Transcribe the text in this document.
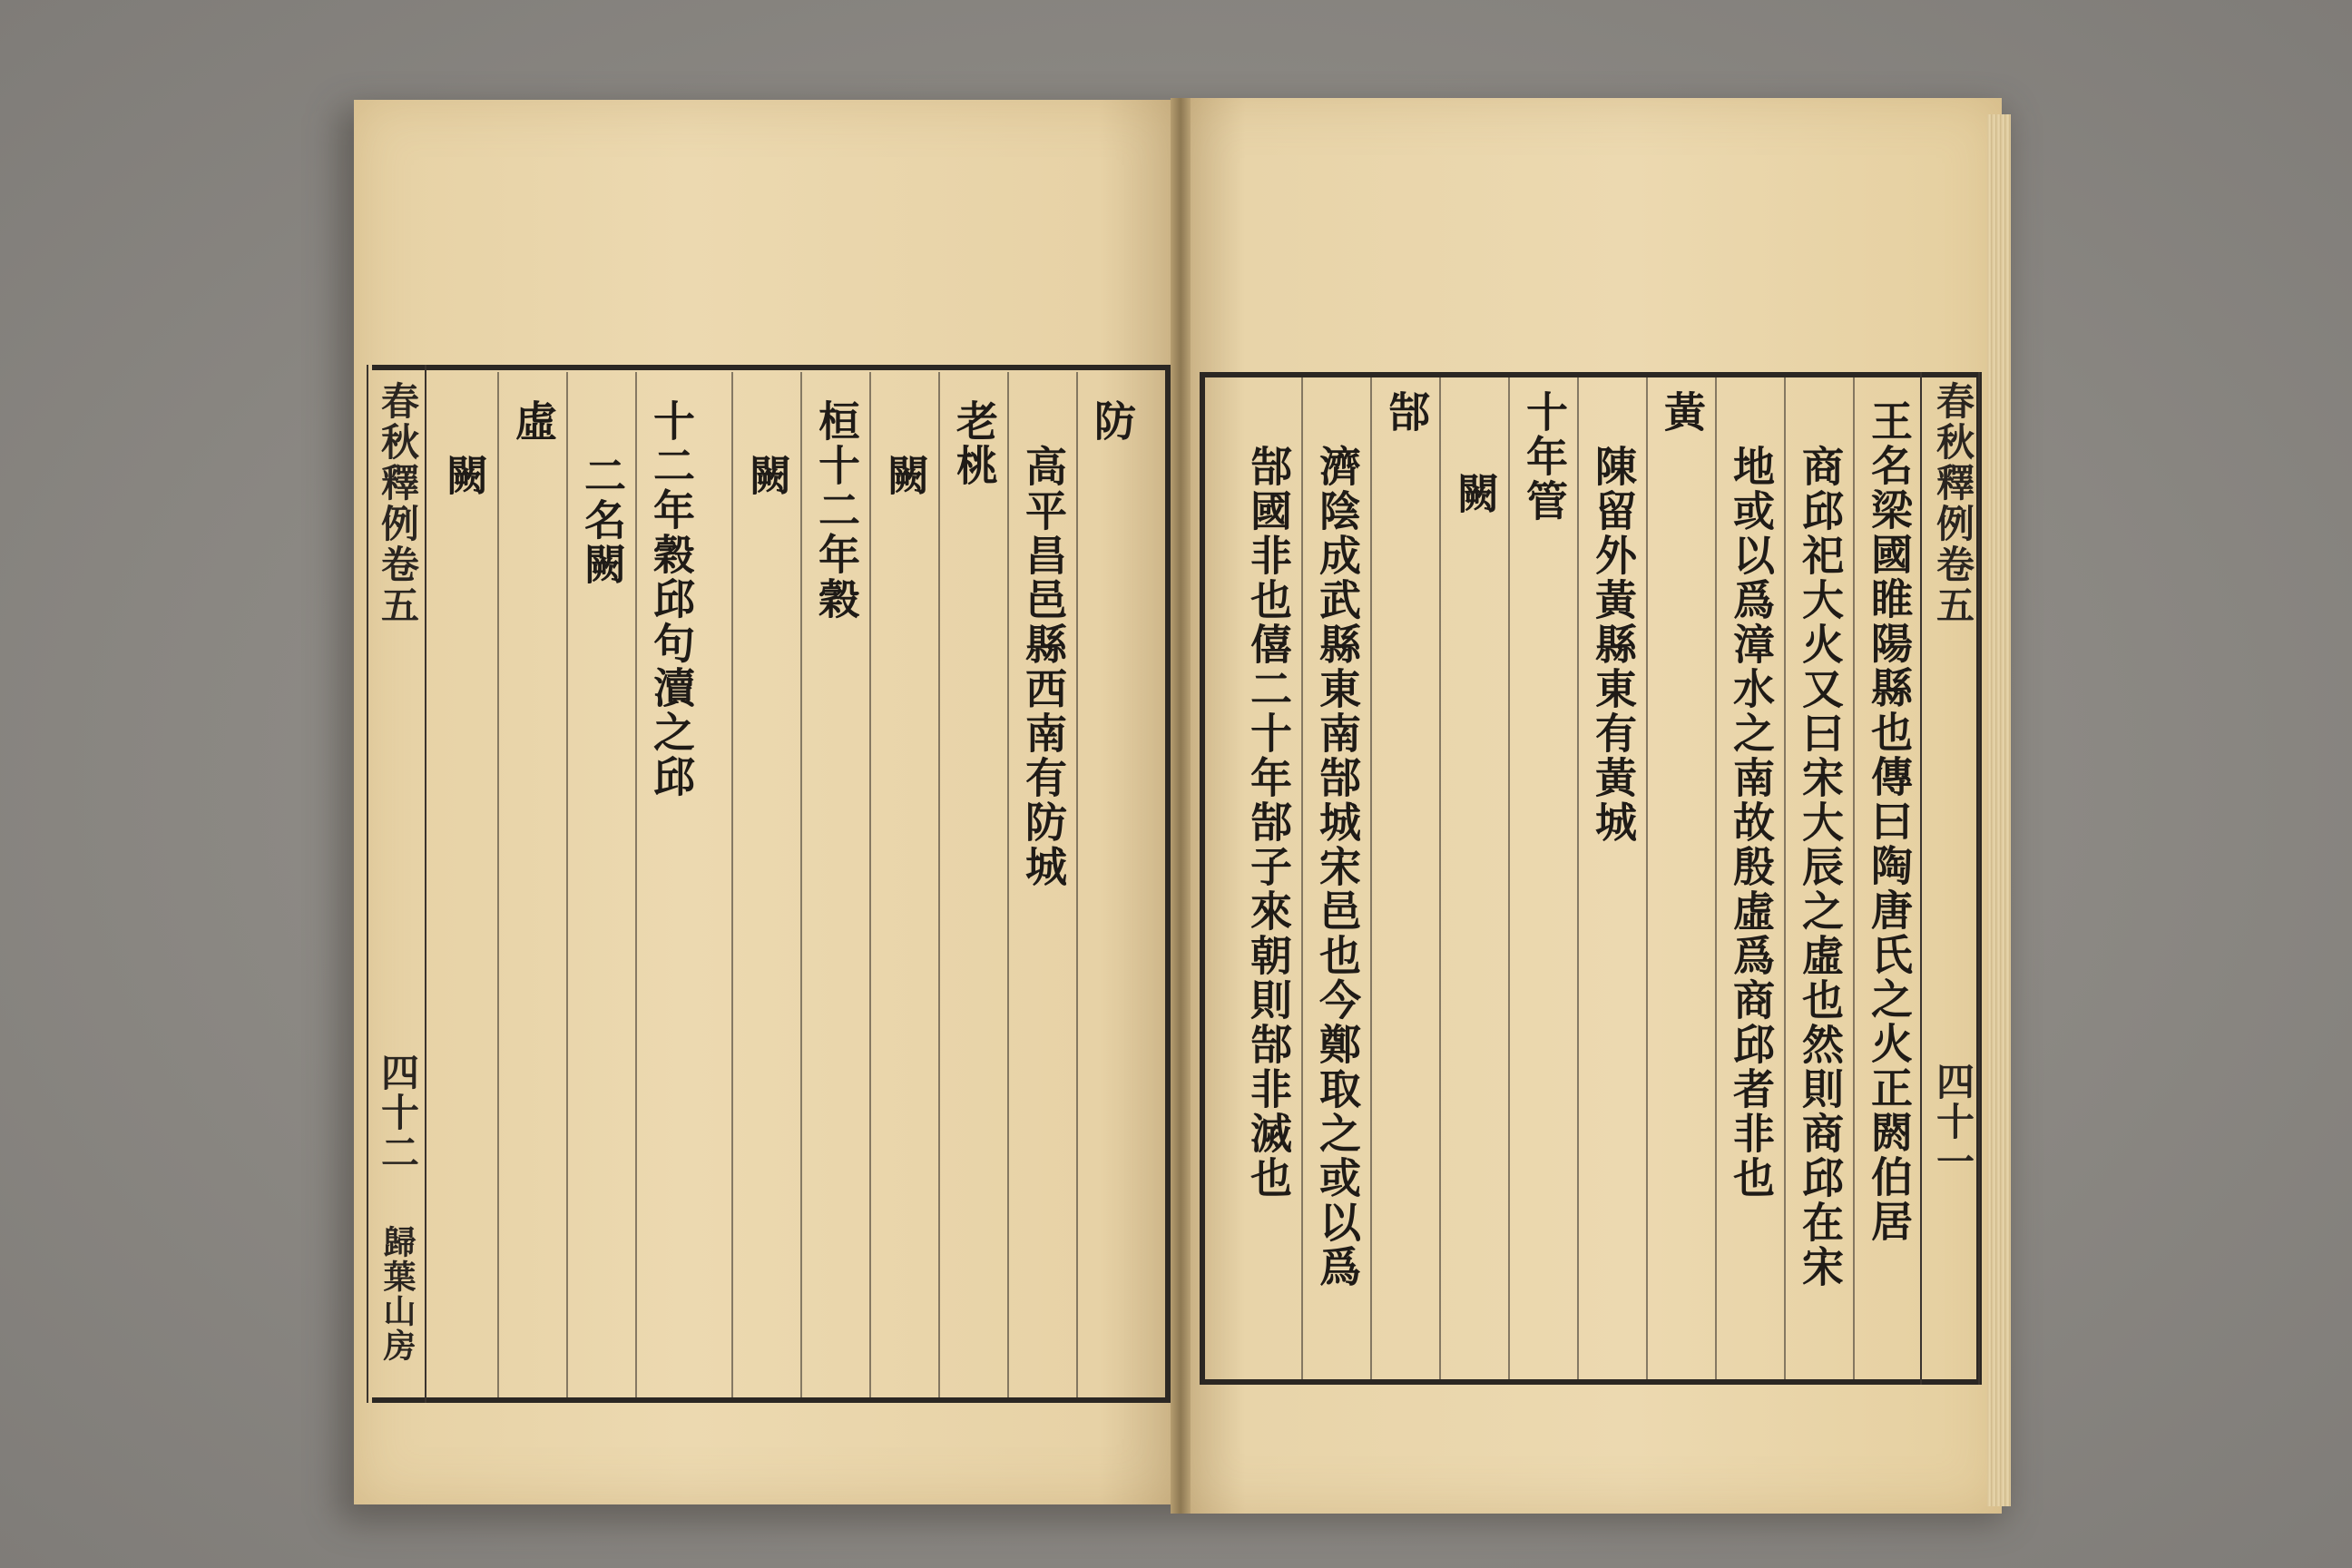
春秋釋例卷五
四十一
王名梁國睢陽縣也傳曰陶唐氏之火正閼伯居
商邱祀大火又曰宋大辰之虛也然則商邱在宋
地或以爲漳水之南故殷虛爲商邱者非也
黃
陳留外黃縣東有黃城
十年管
闕
郜
濟陰成武縣東南郜城宋邑也今鄭取之或以爲
郜國非也僖二十年郜子來朝則郜非滅也
春秋釋例卷五
四十二
歸葉山房
防
高平昌邑縣西南有防城
老桃
闕
桓十二年穀
闕
十二年穀邱句瀆之邱
二名闕
虛
闕
